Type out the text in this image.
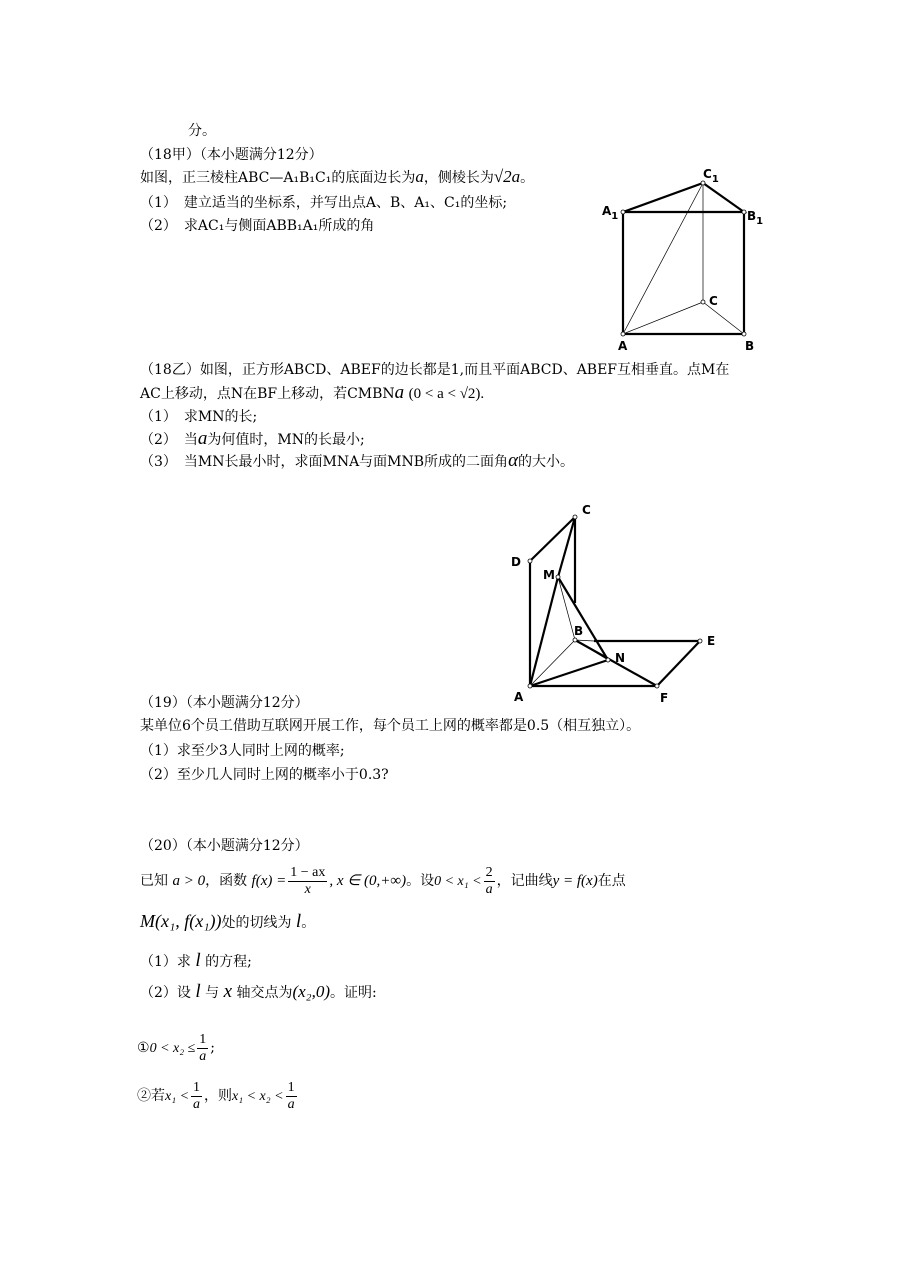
分。
（18甲）（本小题满分12分）
如图，正三棱柱ABC—A₁B₁C₁的底面边长为a，侧棱长为√2a。
（1）　建立适当的坐标系，并写出点A、B、A₁、C₁的坐标;
（2）　求AC₁与侧面ABB₁A₁所成的角
$C_1$
$A_1$	$B_1$
C
A	B
（18乙）如图，正方形ABCD、ABEF的边长都是1,而且平面ABCD、ABEF互相垂直。点M在
AC上移动，点N在BF上移动，若CMBNa (0 < a < √2).
（1）　求MN的长;
（2）　当a为何值时，MN的长最小;
（3）　当MN长最小时，求面MNA与面MNB所成的二面角α的大小。
C
D
M
B
E
N
A	F
（19）（本小题满分12分）
某单位6个员工借助互联网开展工作，每个员工上网的概率都是0.5（相互独立）。
（1）求至少3人同时上网的概率;
（2）至少几人同时上网的概率小于0.3?
（20）（本小题满分12分）
已知 a > 0，函数 $f(x) = \frac{1 - ax}{x}$ , x ∈ (0,+∞)。设$0 < x_1 < \frac{2}{a}$ ，记曲线y = f(x)在点
M(x₁, f(x₁))处的切线为 l。
（1）求 l 的方程;
（2）设 l 与 x 轴交点为(x₂,0)。证明:
①0 < $x_2 \le \frac{1}{a}$ ;
②若$x_1 < \frac{1}{a}$ ，则$x_1 < x_2 < \frac{1}{a}$
